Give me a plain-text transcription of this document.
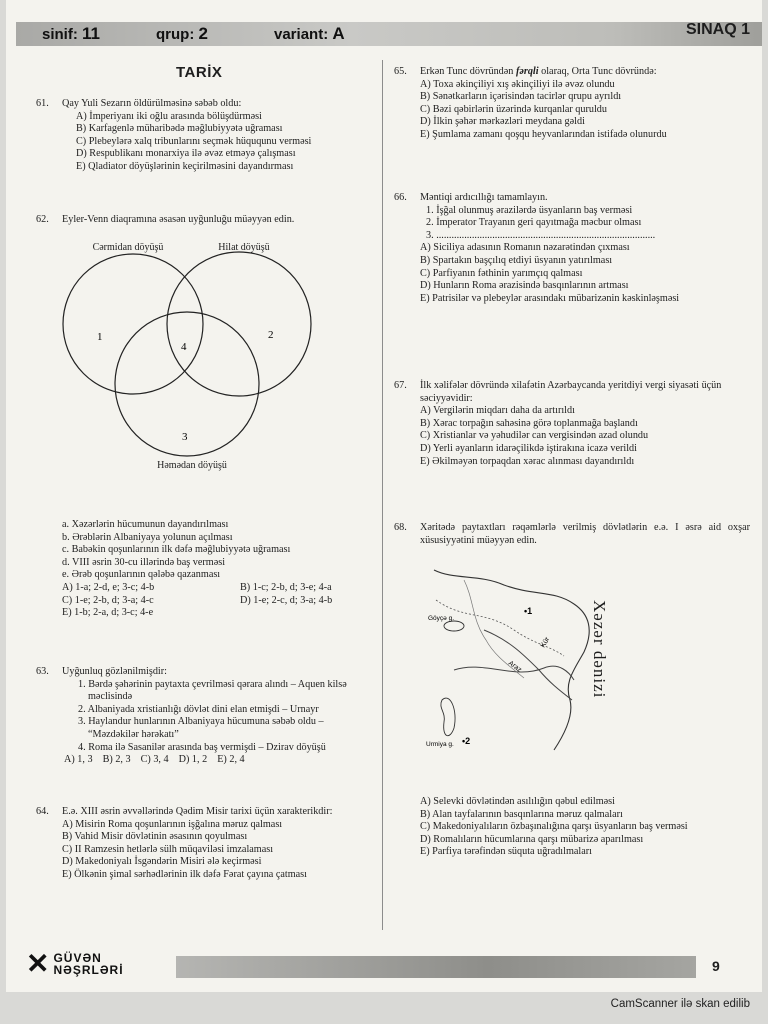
sinif: 11	qrup: 2	variant: A	SINAQ 1
TARİX
61. Qay Yuli Sezarın öldürülməsinə səbəb oldu:
A) İmperiyanı iki oğlu arasında bölüşdürməsi
B) Karfagenlə müharibədə məğlubiyyətə uğraması
C) Plebeylərə xalq tribunlarını seçmək hüququnu verməsi
D) Respublikanı monarxiya ilə əvəz etməyə çalışması
E) Qladiator döyüşlərinin keçirilməsini dayandırması
62. Eyler-Venn diaqramına əsasən uyğunluğu müəyyən edin.
Cərmidan döyüşü	Hilat döyüşü
Həmədan döyüşü
1	2
4
3
a. Xəzərlərin hücumunun dayandırılması
b. Ərəblərin Albaniyaya yolunun açılması
c. Babəkin qoşunlarının ilk dəfə məğlubiyyətə uğraması
d. VIII əsrin 30-cu illərində baş verməsi
e. Ərəb qoşunlarının qələbə qazanması
A) 1-a; 2-d, e; 3-c; 4-b	B) 1-c; 2-b, d; 3-e; 4-a
C) 1-e; 2-b, d; 3-a; 4-c	D) 1-e; 2-c, d; 3-a; 4-b
E) 1-b; 2-a, d; 3-c; 4-e
63. Uyğunluq gözlənilmişdir:
1. Bərdə şəhərinin paytaxta çevrilməsi qərara alındı – Aquen kilsə məclisində
2. Albaniyada xristianlığı dövlət dini elan etmişdi – Urnayr
3. Haylandur hunlarının Albaniyaya hücumuna səbəb oldu – “Məzdəkilər hərəkatı”
4. Roma ilə Sasanilər arasında baş vermişdi – Dzirav döyüşü
A) 1, 3 B) 2, 3 C) 3, 4 D) 1, 2 E) 2, 4
64. E.ə. XIII əsrin əvvəllərində Qədim Misir tarixi üçün xarakterikdir:
A) Misirin Roma qoşunlarının işğalına məruz qalması
B) Vahid Misir dövlətinin əsasının qoyulması
C) II Ramzesin hetlərlə sülh müqaviləsi imzalaması
D) Makedoniyalı İsgəndərin Misiri ələ keçirməsi
E) Ölkənin şimal sərhədlərinin ilk dəfə Fərat çayına çatması
65. Erkən Tunc dövründən fərqli olaraq, Orta Tunc dövründə:
A) Toxa əkinçiliyi xış əkinçiliyi ilə əvəz olundu
B) Sənətkarların içərisindən tacirlər qrupu ayrıldı
C) Bəzi qəbirlərin üzərində kurqanlar quruldu
D) İlkin şəhər mərkəzləri meydana gəldi
E) Şumlama zamanı qoşqu heyvanlarından istifadə olunurdu
66. Məntiqi ardıcıllığı tamamlayın.
1. İşğal olunmuş ərazilərdə üsyanların baş verməsi
2. İmperator Trayanın geri qayıtmağa məcbur olması
3. ......................................................................................
A) Siciliya adasının Romanın nəzarətindən çıxması
B) Spartakın başçılıq etdiyi üsyanın yatırılması
C) Parfiyanın fəthinin yarımçıq qalması
D) Hunların Roma ərazisində basqınlarının artması
E) Patrisilər və plebeylər arasındakı mübarizənin kəskinləşməsi
67. İlk xəlifələr dövründə xilafətin Azərbaycanda yeritdiyi vergi siyasəti üçün səciyyəvidir:
A) Vergilərin miqdarı daha da artırıldı
B) Xərac torpağın sahəsinə görə toplanmağa başlandı
C) Xristianlar və yəhudilər can vergisindən azad olundu
D) Yerli əyanların idarəçilikdə iştirakına icazə verildi
E) Əkilməyən torpaqdan xərac alınması dayandırıldı
68. Xəritədə paytaxtları rəqəmlərlə verilmiş dövlətlərin e.ə. I əsrə aid oxşar xüsusiyyətini müəyyən edin.
Göyçə g.
Urmiya g.
Kür
Araz
•1
•2
Xəzər dənizi
A) Selevki dövlətindən asılılığın qəbul edilməsi
B) Alan tayfalarının basqınlarına məruz qalmaları
C) Makedoniyalıların özbaşınalığına qarşı üsyanların baş verməsi
D) Romalıların hücumlarına qarşı mübarizə aparılması
E) Parfiya tərəfindən süquta uğradılmaları
✕ GÜVƏN
NƏŞRLƏRİ	9
CamScanner ilə skan edilib
